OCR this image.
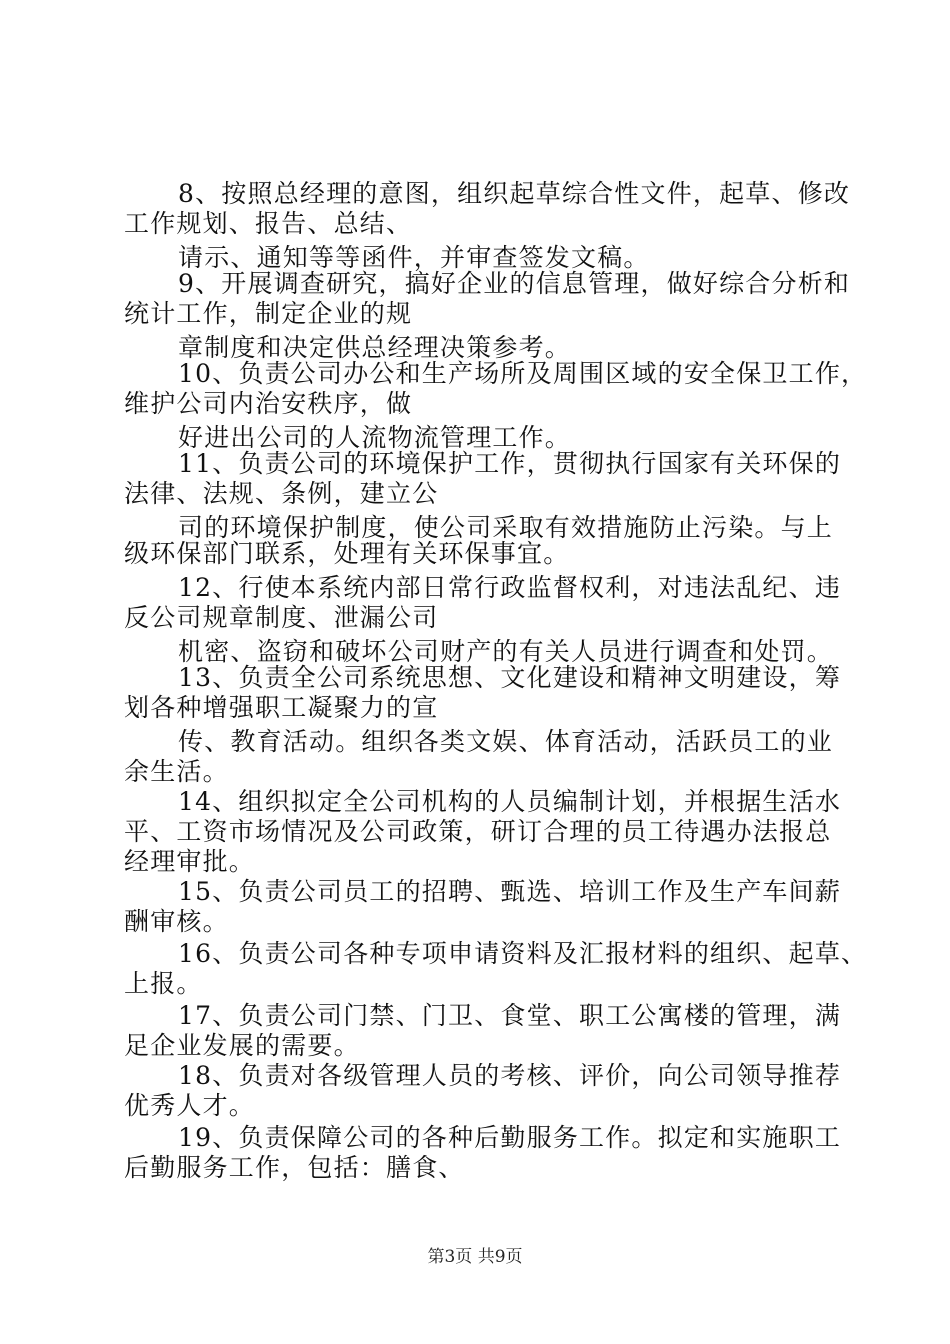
8、按照总经理的意图，组织起草综合性文件，起草、修改
工作规划、报告、总结、
请示、通知等等函件，并审查签发文稿。
9、开展调查研究，搞好企业的信息管理，做好综合分析和
统计工作，制定企业的规
章制度和决定供总经理决策参考。
10、负责公司办公和生产场所及周围区域的安全保卫工作，
维护公司内治安秩序，做
好进出公司的人流物流管理工作。
11、负责公司的环境保护工作，贯彻执行国家有关环保的
法律、法规、条例，建立公
司的环境保护制度，使公司采取有效措施防止污染。与上
级环保部门联系，处理有关环保事宜。
12、行使本系统内部日常行政监督权利，对违法乱纪、违
反公司规章制度、泄漏公司
机密、盗窃和破坏公司财产的有关人员进行调查和处罚。
13、负责全公司系统思想、文化建设和精神文明建设，筹
划各种增强职工凝聚力的宣
传、教育活动。组织各类文娱、体育活动，活跃员工的业
余生活。
14、组织拟定全公司机构的人员编制计划，并根据生活水
平、工资市场情况及公司政策，研订合理的员工待遇办法报总
经理审批。
15、负责公司员工的招聘、甄选、培训工作及生产车间薪
酬审核。
16、负责公司各种专项申请资料及汇报材料的组织、起草、
上报。
17、负责公司门禁、门卫、食堂、职工公寓楼的管理，满
足企业发展的需要。
18、负责对各级管理人员的考核、评价，向公司领导推荐
优秀人才。
19、负责保障公司的各种后勤服务工作。拟定和实施职工
后勤服务工作，包括：膳食、
第3页 共9页
